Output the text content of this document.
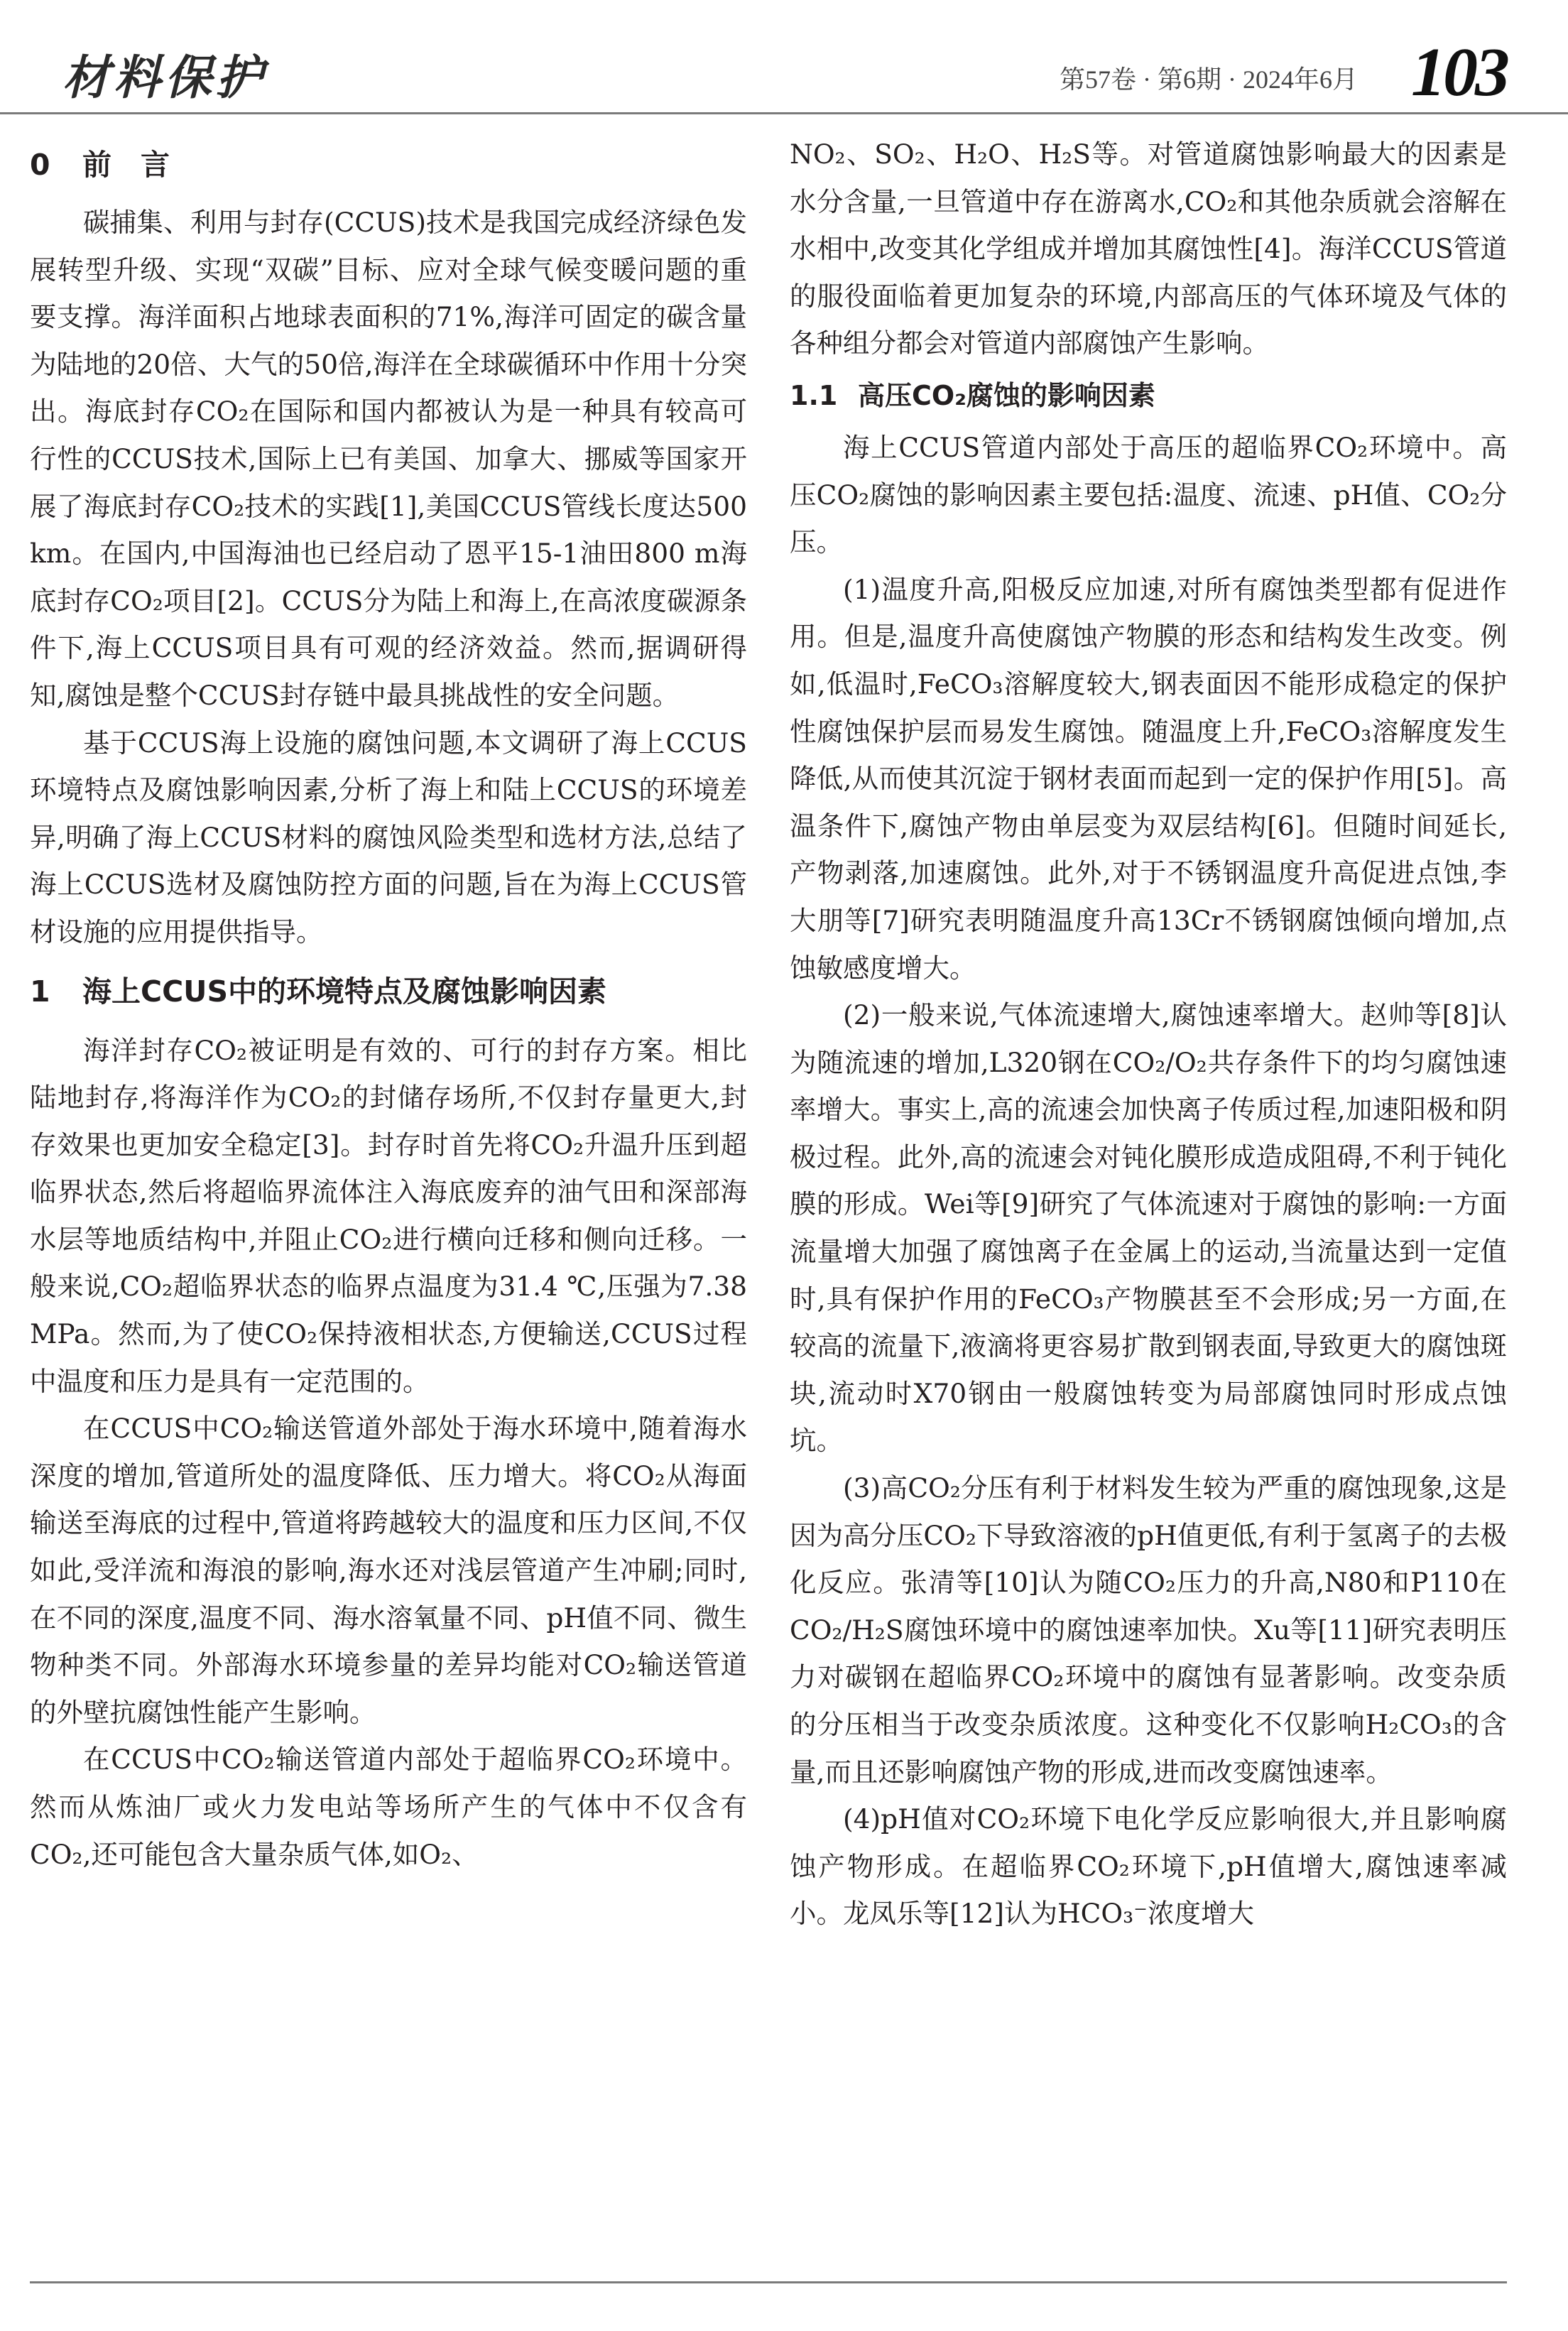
材料保护	第57卷 · 第6期 · 2024年6月 103
0 前　言

碳捕集、利用与封存(CCUS)技术是我国完成经济绿色发展转型升级、实现“双碳”目标、应对全球气候变暖问题的重要支撑。海洋面积占地球表面积的71%,海洋可固定的碳含量为陆地的20倍、大气的50倍,海洋在全球碳循环中作用十分突出。海底封存CO₂在国际和国内都被认为是一种具有较高可行性的CCUS技术,国际上已有美国、加拿大、挪威等国家开展了海底封存CO₂技术的实践[1],美国CCUS管线长度达500 km。在国内,中国海油也已经启动了恩平15-1油田800 m海底封存CO₂项目[2]。CCUS分为陆上和海上,在高浓度碳源条件下,海上CCUS项目具有可观的经济效益。然而,据调研得知,腐蚀是整个CCUS封存链中最具挑战性的安全问题。

基于CCUS海上设施的腐蚀问题,本文调研了海上CCUS环境特点及腐蚀影响因素,分析了海上和陆上CCUS的环境差异,明确了海上CCUS材料的腐蚀风险类型和选材方法,总结了海上CCUS选材及腐蚀防控方面的问题,旨在为海上CCUS管材设施的应用提供指导。

1 海上CCUS中的环境特点及腐蚀影响因素

海洋封存CO₂被证明是有效的、可行的封存方案。相比陆地封存,将海洋作为CO₂的封储存场所,不仅封存量更大,封存效果也更加安全稳定[3]。封存时首先将CO₂升温升压到超临界状态,然后将超临界流体注入海底废弃的油气田和深部海水层等地质结构中,并阻止CO₂进行横向迁移和侧向迁移。一般来说,CO₂超临界状态的临界点温度为31.4 ℃,压强为7.38 MPa。然而,为了使CO₂保持液相状态,方便输送,CCUS过程中温度和压力是具有一定范围的。

在CCUS中CO₂输送管道外部处于海水环境中,随着海水深度的增加,管道所处的温度降低、压力增大。将CO₂从海面输送至海底的过程中,管道将跨越较大的温度和压力区间,不仅如此,受洋流和海浪的影响,海水还对浅层管道产生冲刷;同时,在不同的深度,温度不同、海水溶氧量不同、pH值不同、微生物种类不同。外部海水环境参量的差异均能对CO₂输送管道的外壁抗腐蚀性能产生影响。

在CCUS中CO₂输送管道内部处于超临界CO₂环境中。然而从炼油厂或火力发电站等场所产生的气体中不仅含有CO₂,还可能包含大量杂质气体,如O₂、

NO₂、SO₂、H₂O、H₂S等。对管道腐蚀影响最大的因素是水分含量,一旦管道中存在游离水,CO₂和其他杂质就会溶解在水相中,改变其化学组成并增加其腐蚀性[4]。海洋CCUS管道的服役面临着更加复杂的环境,内部高压的气体环境及气体的各种组分都会对管道内部腐蚀产生影响。

1.1 高压CO₂腐蚀的影响因素

海上CCUS管道内部处于高压的超临界CO₂环境中。高压CO₂腐蚀的影响因素主要包括:温度、流速、pH值、CO₂分压。

(1)温度升高,阳极反应加速,对所有腐蚀类型都有促进作用。但是,温度升高使腐蚀产物膜的形态和结构发生改变。例如,低温时,FeCO₃溶解度较大,钢表面因不能形成稳定的保护性腐蚀保护层而易发生腐蚀。随温度上升,FeCO₃溶解度发生降低,从而使其沉淀于钢材表面而起到一定的保护作用[5]。高温条件下,腐蚀产物由单层变为双层结构[6]。但随时间延长,产物剥落,加速腐蚀。此外,对于不锈钢温度升高促进点蚀,李大朋等[7]研究表明随温度升高13Cr不锈钢腐蚀倾向增加,点蚀敏感度增大。

(2)一般来说,气体流速增大,腐蚀速率增大。赵帅等[8]认为随流速的增加,L320钢在CO₂/O₂共存条件下的均匀腐蚀速率增大。事实上,高的流速会加快离子传质过程,加速阳极和阴极过程。此外,高的流速会对钝化膜形成造成阻碍,不利于钝化膜的形成。Wei等[9]研究了气体流速对于腐蚀的影响:一方面流量增大加强了腐蚀离子在金属上的运动,当流量达到一定值时,具有保护作用的FeCO₃产物膜甚至不会形成;另一方面,在较高的流量下,液滴将更容易扩散到钢表面,导致更大的腐蚀斑块,流动时X70钢由一般腐蚀转变为局部腐蚀同时形成点蚀坑。

(3)高CO₂分压有利于材料发生较为严重的腐蚀现象,这是因为高分压CO₂下导致溶液的pH值更低,有利于氢离子的去极化反应。张清等[10]认为随CO₂压力的升高,N80和P110在CO₂/H₂S腐蚀环境中的腐蚀速率加快。Xu等[11]研究表明压力对碳钢在超临界CO₂环境中的腐蚀有显著影响。改变杂质的分压相当于改变杂质浓度。这种变化不仅影响H₂CO₃的含量,而且还影响腐蚀产物的形成,进而改变腐蚀速率。

(4)pH值对CO₂环境下电化学反应影响很大,并且影响腐蚀产物形成。在超临界CO₂环境下,pH值增大,腐蚀速率减小。龙凤乐等[12]认为HCO₃⁻浓度增大
